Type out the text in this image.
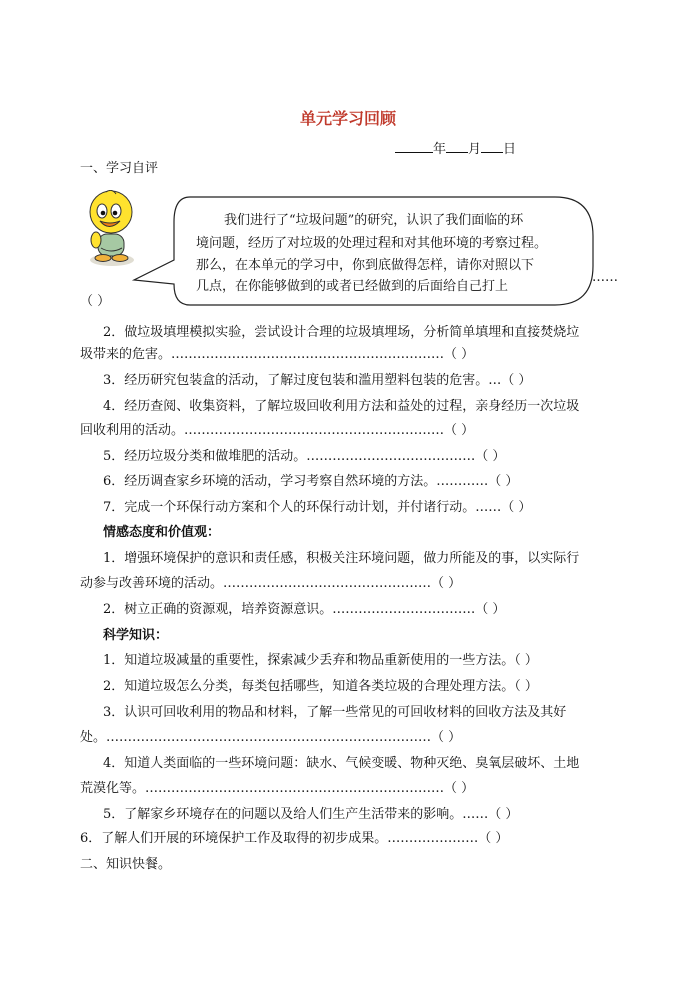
单元学习回顾
年 月 日
一、学习自评
我们进行了“垃圾问题”的研究，认识了我们面临的环
境问题，经历了对垃圾的处理过程和对其他环境的考察过程。
那么，在本单元的学习中，你到底做得怎样，请你对照以下
几点，在你能够做到的或者已经做到的后面给自己打上
……
（ ）
2．做垃圾填埋模拟实验，尝试设计合理的垃圾填埋场，分析简单填埋和直接焚烧垃
圾带来的危害。………………………………………………………（ ）
3．经历研究包装盒的活动，了解过度包装和滥用塑料包装的危害。…（ ）
4．经历查阅、收集资料，了解垃圾回收利用方法和益处的过程，亲身经历一次垃圾
回收利用的活动。……………………………………………………（ ）
5．经历垃圾分类和做堆肥的活动。…………………………………（ ）
6．经历调查家乡环境的活动，学习考察自然环境的方法。…………（ ）
7．完成一个环保行动方案和个人的环保行动计划，并付诸行动。……（ ）
情感态度和价值观：
1．增强环境保护的意识和责任感，积极关注环境问题，做力所能及的事，以实际行
动参与改善环境的活动。…………………………………………（ ）
2．树立正确的资源观，培养资源意识。……………………………（ ）
科学知识：
1．知道垃圾减量的重要性，探索减少丢弃和物品重新使用的一些方法。（ ）
2．知道垃圾怎么分类，每类包括哪些，知道各类垃圾的合理处理方法。（ ）
3．认识可回收利用的物品和材料，了解一些常见的可回收材料的回收方法及其好
处。…………………………………………………………………（ ）
4．知道人类面临的一些环境问题：缺水、气候变暖、物种灭绝、臭氧层破坏、土地
荒漠化等。……………………………………………………………（ ）
5．了解家乡环境存在的问题以及给人们生产生活带来的影响。……（ ）
6．了解人们开展的环境保护工作及取得的初步成果。…………………（ ）
二、知识快餐。
